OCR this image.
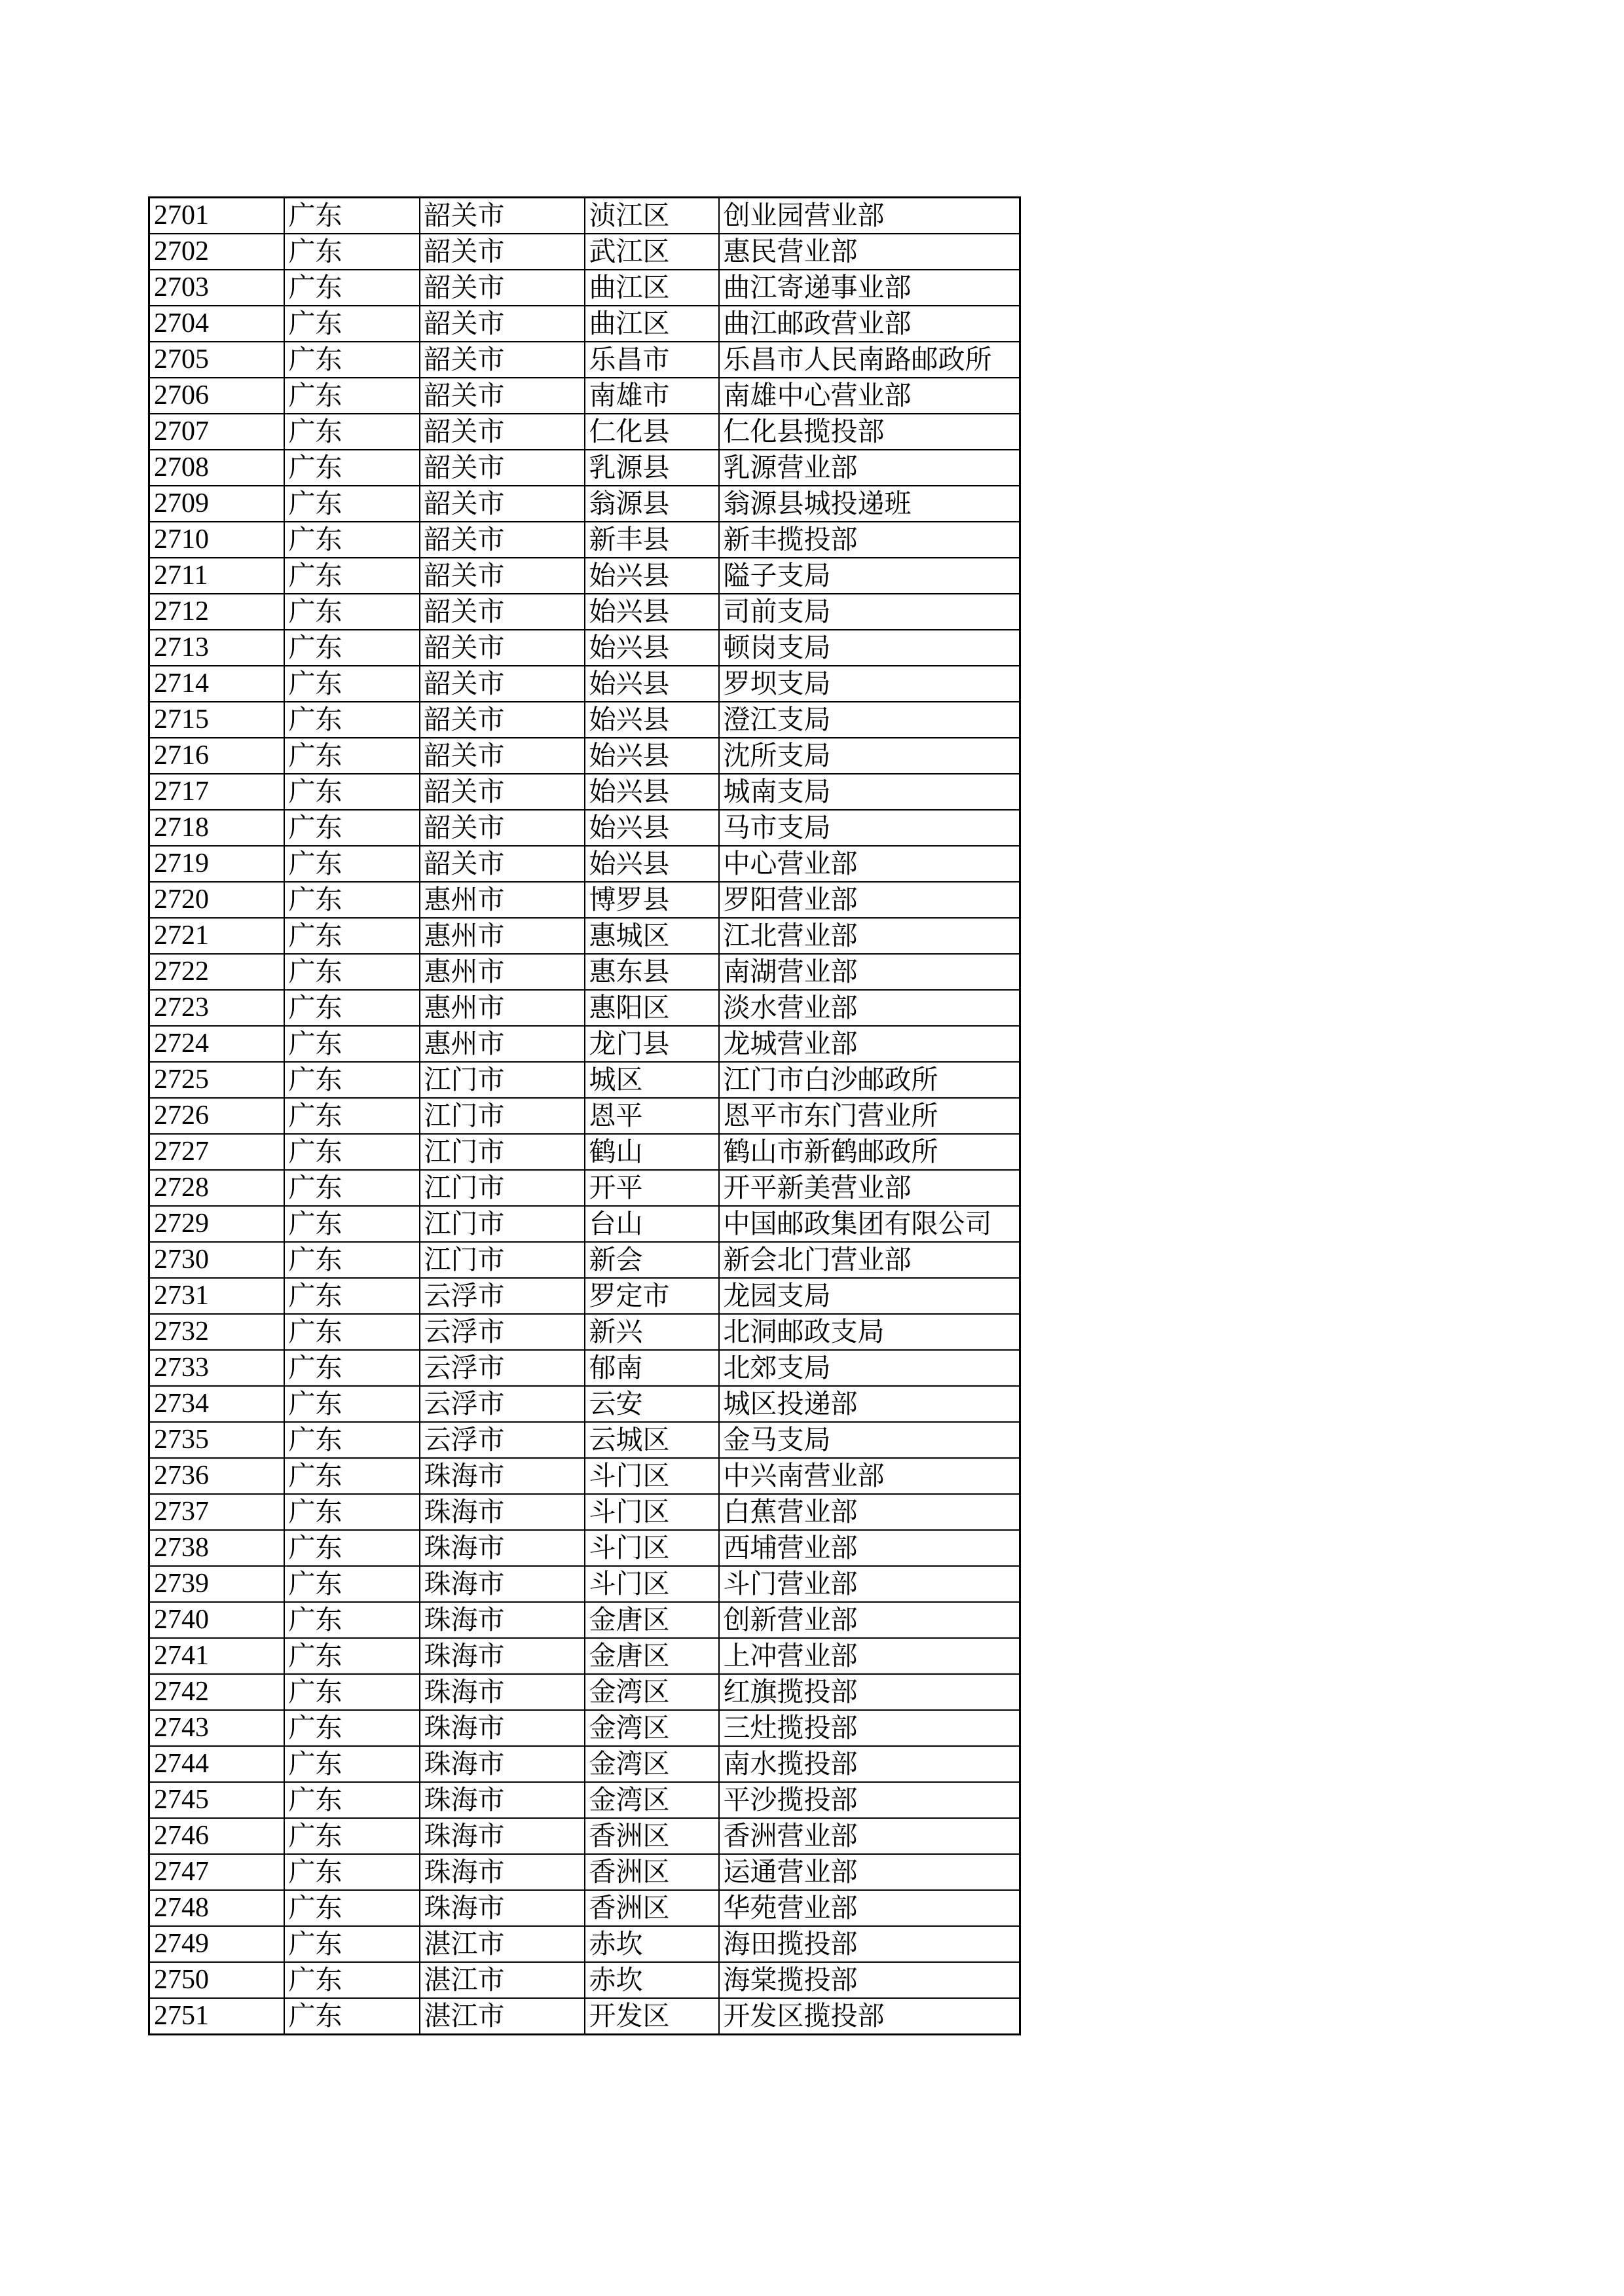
2701	广东	韶关市	浈江区	创业园营业部
2702	广东	韶关市	武江区	惠民营业部
2703	广东	韶关市	曲江区	曲江寄递事业部
2704	广东	韶关市	曲江区	曲江邮政营业部
2705	广东	韶关市	乐昌市	乐昌市人民南路邮政所
2706	广东	韶关市	南雄市	南雄中心营业部
2707	广东	韶关市	仁化县	仁化县揽投部
2708	广东	韶关市	乳源县	乳源营业部
2709	广东	韶关市	翁源县	翁源县城投递班
2710	广东	韶关市	新丰县	新丰揽投部
2711	广东	韶关市	始兴县	隘子支局
2712	广东	韶关市	始兴县	司前支局
2713	广东	韶关市	始兴县	顿岗支局
2714	广东	韶关市	始兴县	罗坝支局
2715	广东	韶关市	始兴县	澄江支局
2716	广东	韶关市	始兴县	沈所支局
2717	广东	韶关市	始兴县	城南支局
2718	广东	韶关市	始兴县	马市支局
2719	广东	韶关市	始兴县	中心营业部
2720	广东	惠州市	博罗县	罗阳营业部
2721	广东	惠州市	惠城区	江北营业部
2722	广东	惠州市	惠东县	南湖营业部
2723	广东	惠州市	惠阳区	淡水营业部
2724	广东	惠州市	龙门县	龙城营业部
2725	广东	江门市	城区	江门市白沙邮政所
2726	广东	江门市	恩平	恩平市东门营业所
2727	广东	江门市	鹤山	鹤山市新鹤邮政所
2728	广东	江门市	开平	开平新美营业部
2729	广东	江门市	台山	中国邮政集团有限公司
2730	广东	江门市	新会	新会北门营业部
2731	广东	云浮市	罗定市	龙园支局
2732	广东	云浮市	新兴	北洞邮政支局
2733	广东	云浮市	郁南	北郊支局
2734	广东	云浮市	云安	城区投递部
2735	广东	云浮市	云城区	金马支局
2736	广东	珠海市	斗门区	中兴南营业部
2737	广东	珠海市	斗门区	白蕉营业部
2738	广东	珠海市	斗门区	西埔营业部
2739	广东	珠海市	斗门区	斗门营业部
2740	广东	珠海市	金唐区	创新营业部
2741	广东	珠海市	金唐区	上冲营业部
2742	广东	珠海市	金湾区	红旗揽投部
2743	广东	珠海市	金湾区	三灶揽投部
2744	广东	珠海市	金湾区	南水揽投部
2745	广东	珠海市	金湾区	平沙揽投部
2746	广东	珠海市	香洲区	香洲营业部
2747	广东	珠海市	香洲区	运通营业部
2748	广东	珠海市	香洲区	华苑营业部
2749	广东	湛江市	赤坎	海田揽投部
2750	广东	湛江市	赤坎	海棠揽投部
2751	广东	湛江市	开发区	开发区揽投部
